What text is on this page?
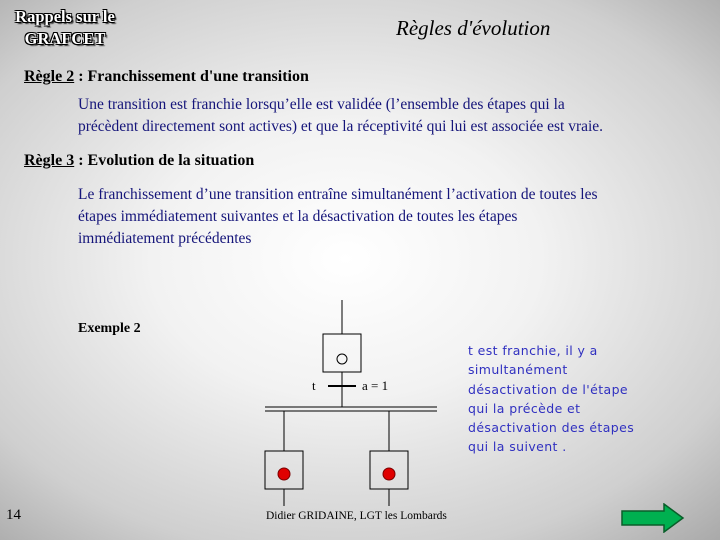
Rappels sur le
GRAFCET	Règles d'évolution
Règle 2 : Franchissement d'une transition
Une transition est franchie lorsqu’elle est validée (l’ensemble des étapes qui la
précèdent directement sont actives) et que la réceptivité qui lui est associée est vraie.
Règle 3 : Evolution de la situation
Le franchissement d’une transition entraîne simultanément l’activation de toutes les
étapes immédiatement suivantes et la désactivation de toutes les étapes
immédiatement précédentes
Exemple 2
t	a = 1
t est franchie, il y a
simultanément
désactivation de l'étape
qui la précède et
désactivation des étapes
qui la suivent .
14	Didier GRIDAINE, LGT les Lombards
